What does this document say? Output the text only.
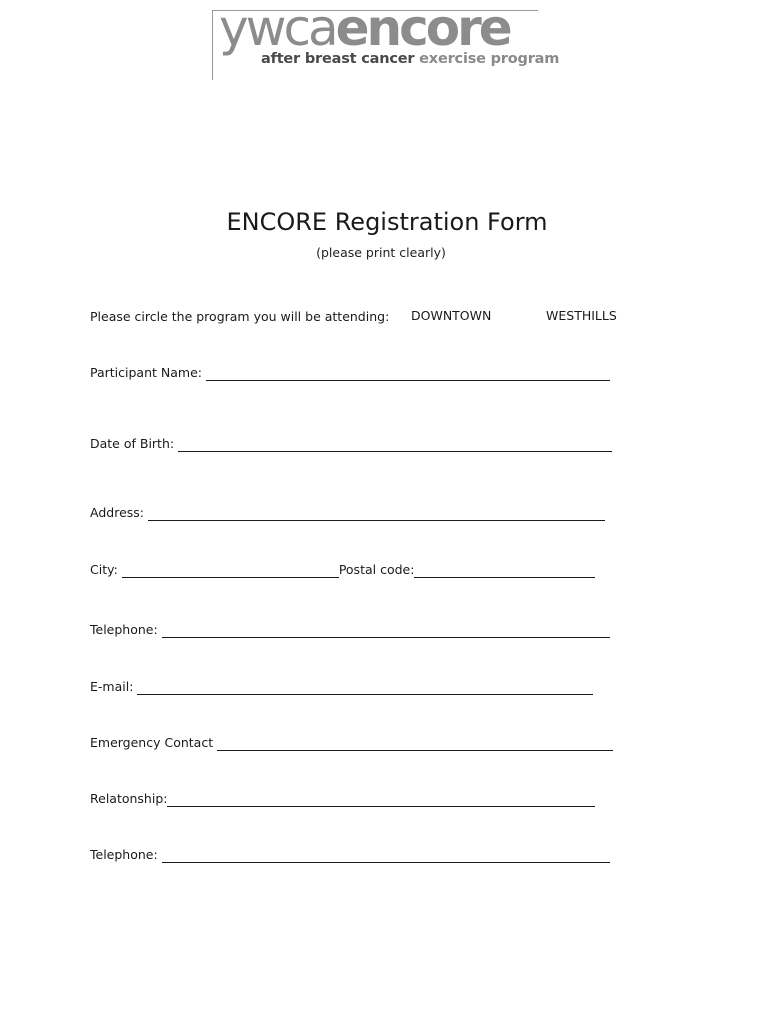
ywcaencore
after breast cancer exercise program
ENCORE Registration Form
(please print clearly)
Please circle the program you will be attending: DOWNTOWN	WESTHILLS
Participant Name:
Date of Birth:
Address:
City:	Postal code:
Telephone:
E-mail:
Emergency Contact
Relatonship:
Telephone:
